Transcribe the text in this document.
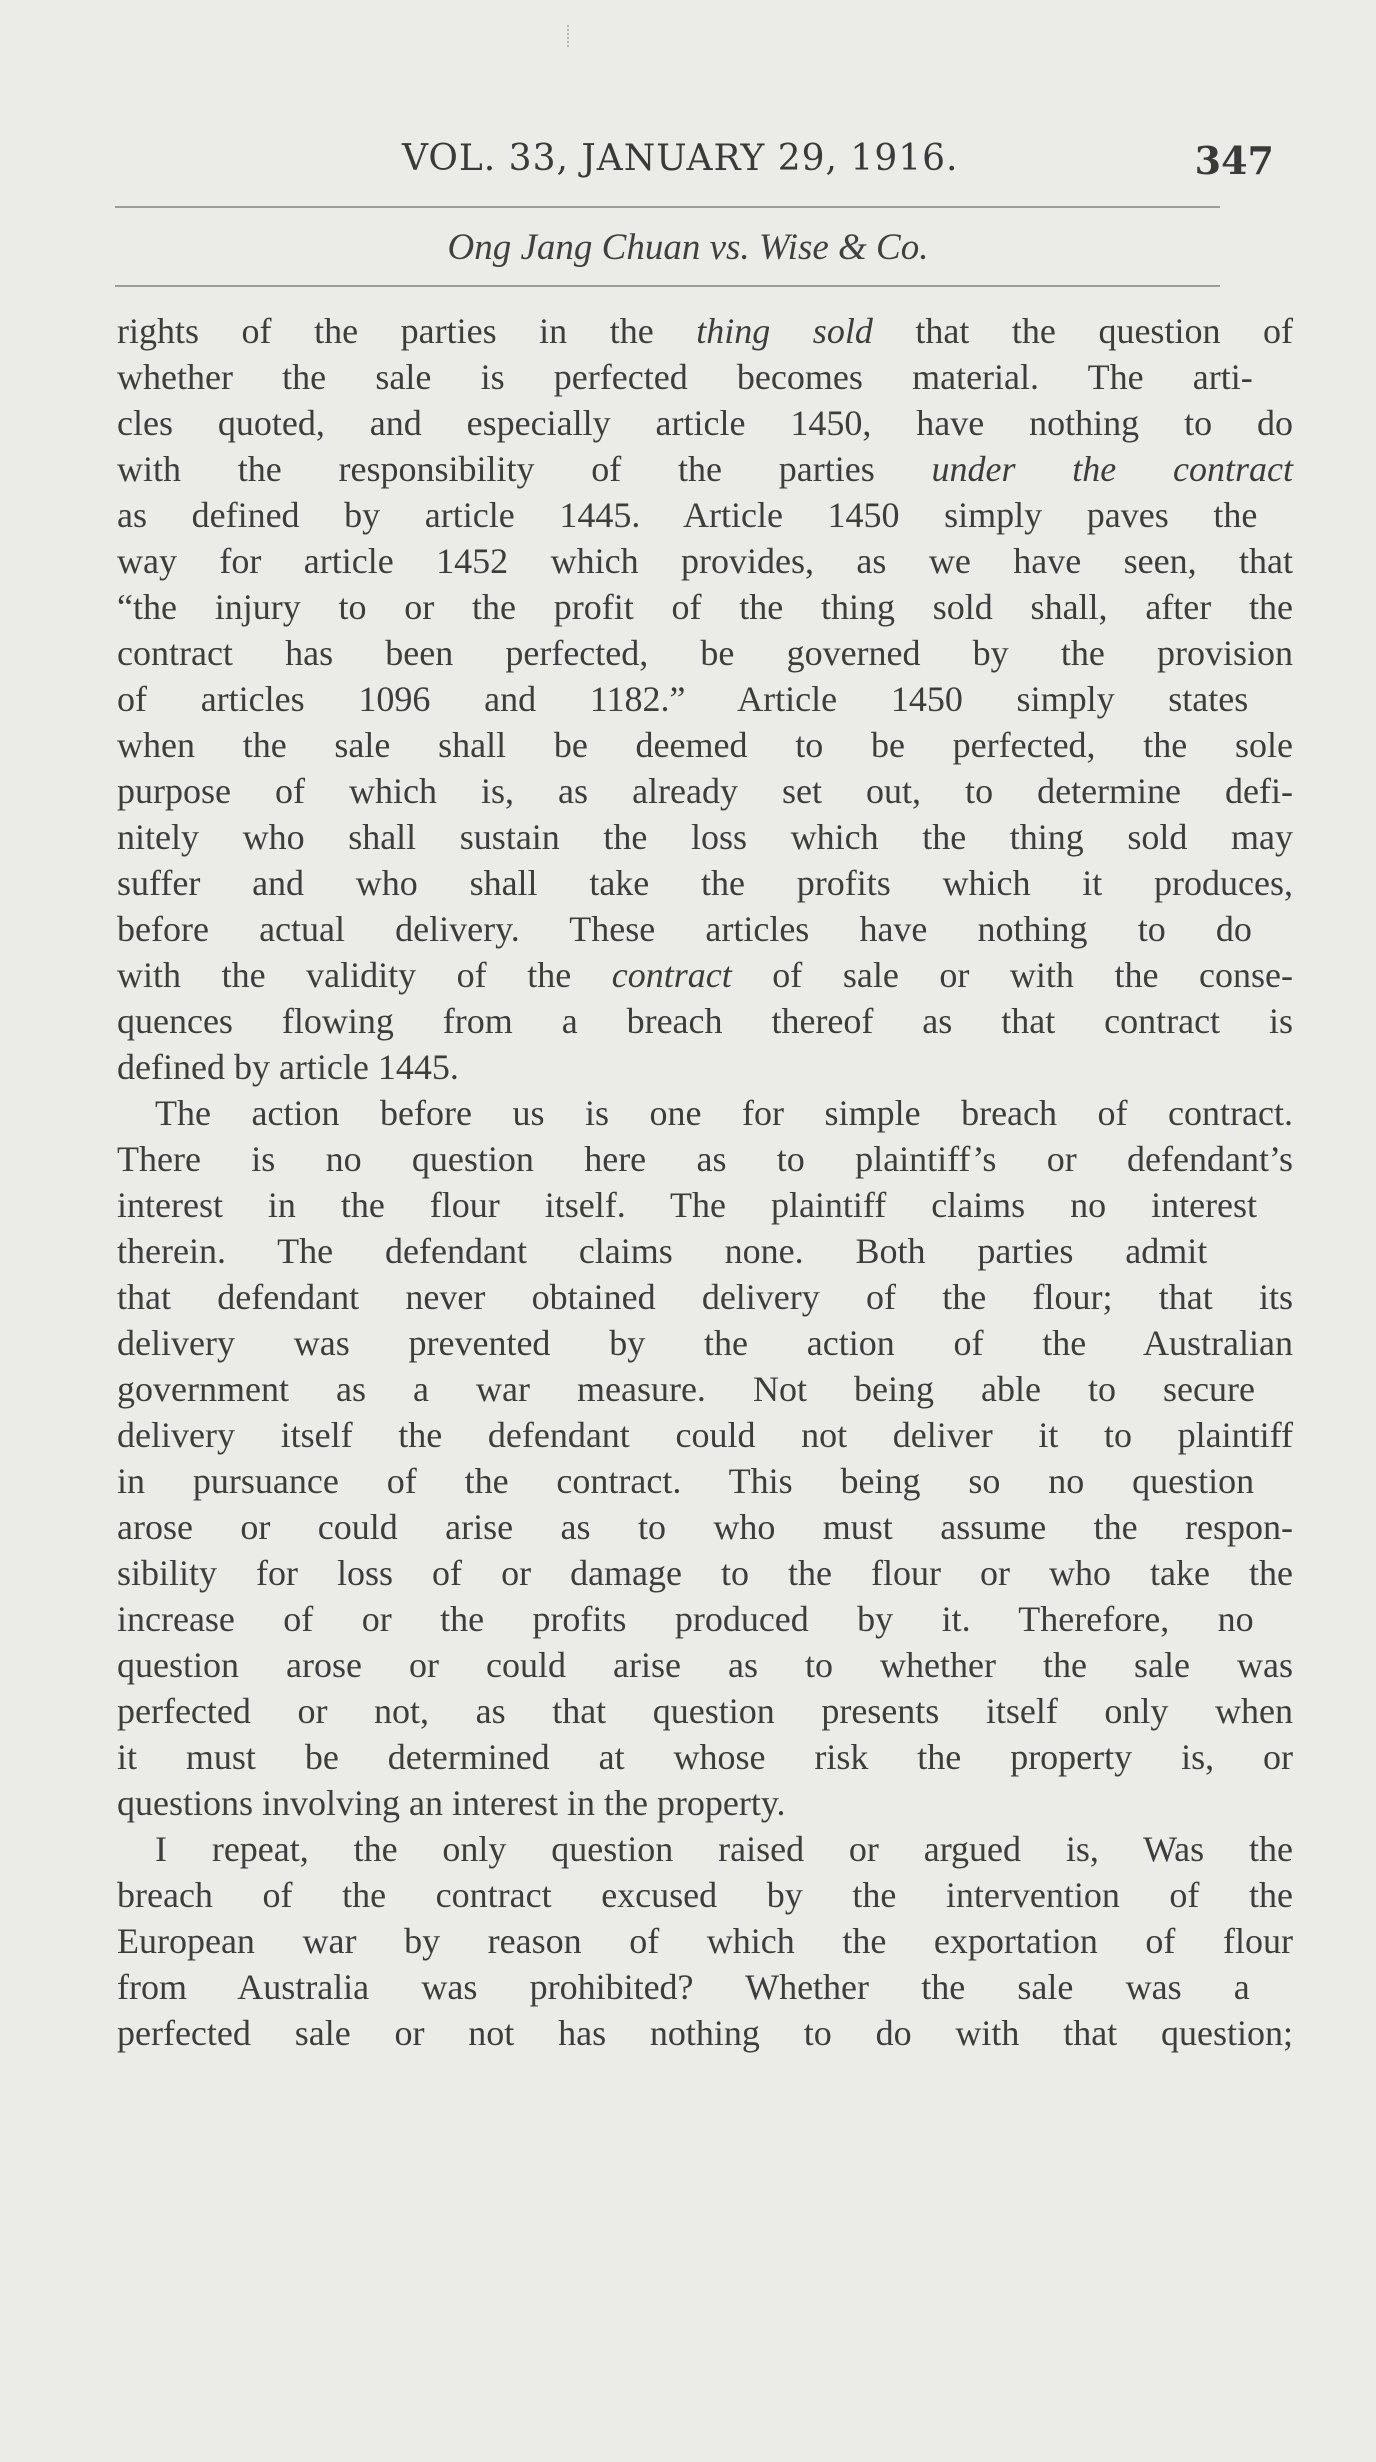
VOL. 33, JANUARY 29, 1916.	347
Ong Jang Chuan vs. Wise & Co.
rights of the parties in the thing sold that the question of
whether the sale is perfected becomes material. The arti-
cles quoted, and especially article 1450, have nothing to do
with the responsibility of the parties under the contract
as defined by article 1445. Article 1450 simply paves the
way for article 1452 which provides, as we have seen, that
“the injury to or the profit of the thing sold shall, after the
contract has been perfected, be governed by the provision
of articles 1096 and 1182.” Article 1450 simply states
when the sale shall be deemed to be perfected, the sole
purpose of which is, as already set out, to determine defi-
nitely who shall sustain the loss which the thing sold may
suffer and who shall take the profits which it produces,
before actual delivery. These articles have nothing to do
with the validity of the contract of sale or with the conse-
quences flowing from a breach thereof as that contract is
defined by article 1445.
The action before us is one for simple breach of contract.
There is no question here as to plaintiff’s or defendant’s
interest in the flour itself. The plaintiff claims no interest
therein. The defendant claims none. Both parties admit
that defendant never obtained delivery of the flour; that its
delivery was prevented by the action of the Australian
government as a war measure. Not being able to secure
delivery itself the defendant could not deliver it to plaintiff
in pursuance of the contract. This being so no question
arose or could arise as to who must assume the respon-
sibility for loss of or damage to the flour or who take the
increase of or the profits produced by it. Therefore, no
question arose or could arise as to whether the sale was
perfected or not, as that question presents itself only when
it must be determined at whose risk the property is, or
questions involving an interest in the property.
I repeat, the only question raised or argued is, Was the
breach of the contract excused by the intervention of the
European war by reason of which the exportation of flour
from Australia was prohibited? Whether the sale was a
perfected sale or not has nothing to do with that question;
